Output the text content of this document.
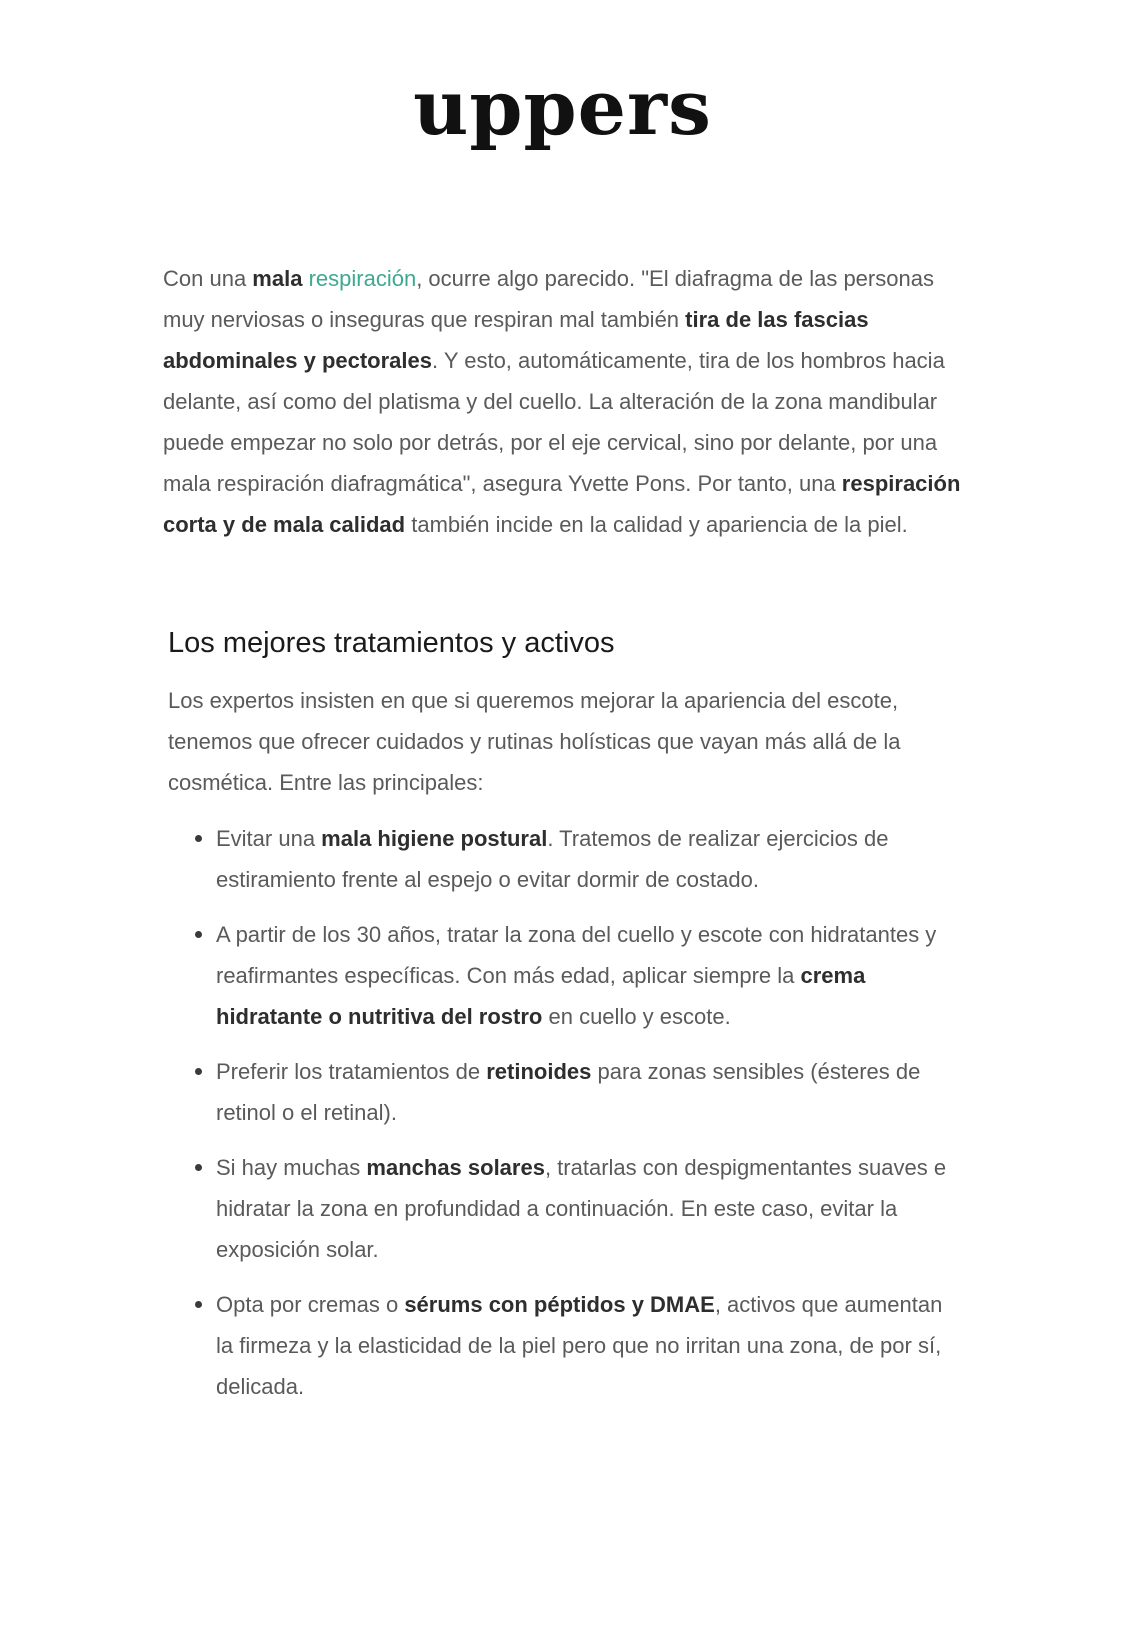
uppers

Con una mala respiración, ocurre algo parecido. "El diafragma de las personas muy nerviosas o inseguras que respiran mal también tira de las fascias abdominales y pectorales. Y esto, automáticamente, tira de los hombros hacia delante, así como del platisma y del cuello. La alteración de la zona mandibular puede empezar no solo por detrás, por el eje cervical, sino por delante, por una mala respiración diafragmática", asegura Yvette Pons. Por tanto, una respiración corta y de mala calidad también incide en la calidad y apariencia de la piel.

Los mejores tratamientos y activos

Los expertos insisten en que si queremos mejorar la apariencia del escote, tenemos que ofrecer cuidados y rutinas holísticas que vayan más allá de la cosmética. Entre las principales:

Evitar una mala higiene postural. Tratemos de realizar ejercicios de estiramiento frente al espejo o evitar dormir de costado.
A partir de los 30 años, tratar la zona del cuello y escote con hidratantes y reafirmantes específicas. Con más edad, aplicar siempre la crema hidratante o nutritiva del rostro en cuello y escote.
Preferir los tratamientos de retinoides para zonas sensibles (ésteres de retinol o el retinal).
Si hay muchas manchas solares, tratarlas con despigmentantes suaves e hidratar la zona en profundidad a continuación. En este caso, evitar la exposición solar.
Opta por cremas o sérums con péptidos y DMAE, activos que aumentan la firmeza y la elasticidad de la piel pero que no irritan una zona, de por sí, delicada.
